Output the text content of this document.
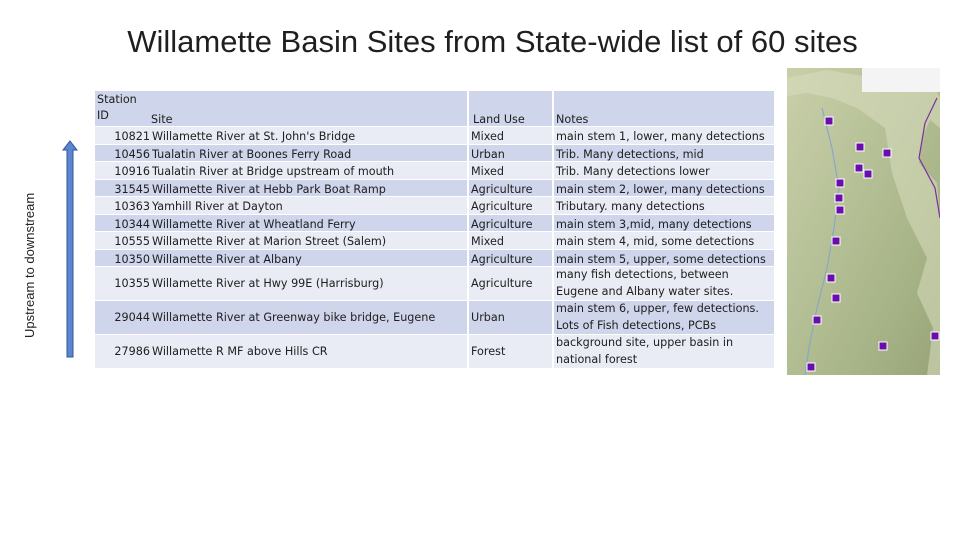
Willamette Basin Sites from State-wide list of 60 sites
Upstream to downstream
Station
ID	Site	Land Use	Notes
10821	Willamette River at St. John's Bridge	Mixed	main stem 1, lower, many detections
10456	Tualatin River at Boones Ferry Road	Urban	Trib. Many detections, mid
10916	Tualatin River at Bridge upstream of mouth	Mixed	Trib. Many detections lower
31545	Willamette River at Hebb Park Boat Ramp	Agriculture	main stem 2, lower, many detections
10363	Yamhill River at Dayton	Agriculture	Tributary. many detections
10344	Willamette River at Wheatland Ferry	Agriculture	main stem 3,mid, many detections
10555	Willamette River at Marion Street (Salem)	Mixed	main stem 4, mid, some detections
10350	Willamette River at Albany	Agriculture	main stem 5, upper, some detections
10355	Willamette River at Hwy 99E (Harrisburg)	Agriculture	many fish detections, between
Eugene and Albany water sites.
29044	Willamette River at Greenway bike bridge, Eugene	Urban	main stem 6, upper, few detections.
Lots of Fish detections, PCBs
27986	Willamette R MF above Hills CR	Forest	background site, upper basin in
national forest
